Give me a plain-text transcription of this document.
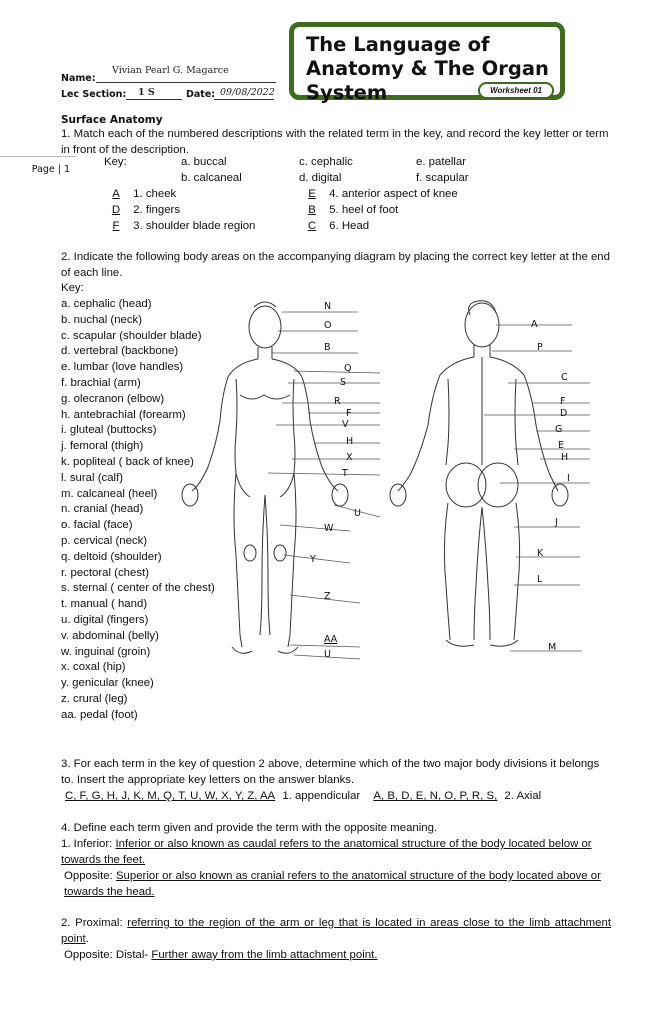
The Language of Anatomy & The Organ System	Worksheet 01
Name:
Vivian Pearl G. Magarce
Lec Section: 1 S	Date: 09/08/2022
Page | 1
Surface Anatomy
1. Match each of the numbered descriptions with the related term in the key, and record the key letter or term in front of the description.
Key:	a. buccal
b. calcaneal
c. cephalic
d. digital
e. patellar
f. scapular
A 1. cheek
D 2. fingers
F 3. shoulder blade region
E 4. anterior aspect of knee
B 5. heel of foot
C 6. Head
2. Indicate the following body areas on the accompanying diagram by placing the correct key letter at the end of each line.
Key:
a. cephalic (head)
b. nuchal (neck)
c. scapular (shoulder blade)
d. vertebral (backbone)
e. lumbar (love handles)
f. brachial (arm)
g. olecranon (elbow)
h. antebrachial (forearm)
i. gluteal (buttocks)
j. femoral (thigh)
k. popliteal ( back of knee)
l. sural (calf)
m. calcaneal (heel)
n. cranial (head)
o. facial (face)
p. cervical (neck)
q. deltoid (shoulder)
r. pectoral (chest)
s. sternal ( center of the chest)
t. manual ( hand)
u. digital (fingers)
v. abdominal (belly)
w. inguinal (groin)
x. coxal (hip)
y. genicular (knee)
z. crural (leg)
aa. pedal (foot)
N
O
B
Q
S
R
F
V
H
X
T
U
W
Y
Z
AA
U
A
P
C
F
D
G
E
H
I
J
K
L
M
3. For each term in the key of question 2 above, determine which of the two major body divisions it belongs to. Insert the appropriate key letters on the answer blanks.
C, F, G, H, J, K, M, Q, T, U, W, X, Y, Z, AA 1. appendicular A, B, D, E, N, O, P, R, S, 2. Axial
4. Define each term given and provide the term with the opposite meaning.
1. Inferior: Inferior or also known as caudal refers to the anatomical structure of the body located below or towards the feet.
Opposite: Superior or also known as cranial refers to the anatomical structure of the body located above or towards the head.
2. Proximal: referring to the region of the arm or leg that is located in areas close to the limb attachment point.
Opposite: Distal- Further away from the limb attachment point.
